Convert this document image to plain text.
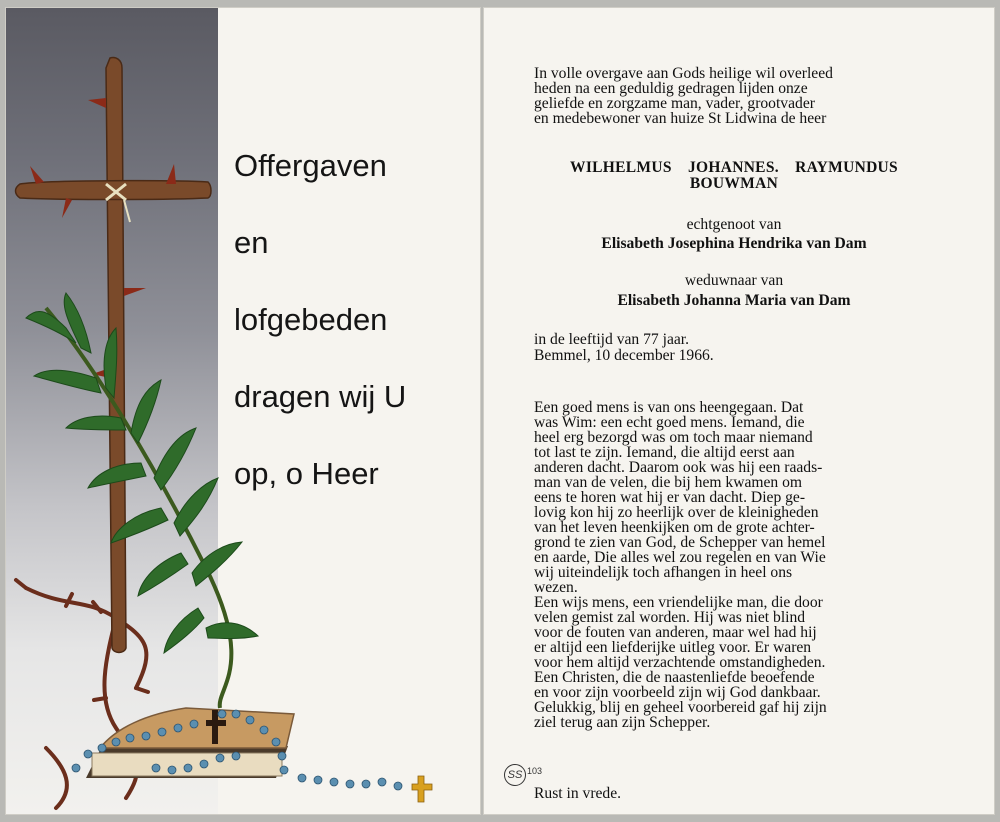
Offergaven
en
lofgebeden
dragen wij U
op, o Heer
In volle overgave aan Gods heilige wil overleed
heden na een geduldig gedragen lijden onze
geliefde en zorgzame man, vader, grootvader
en medebewoner van huize St Lidwina de heer
WILHELMUS JOHANNES. RAYMUNDUS
BOUWMAN
echtgenoot van
Elisabeth Josephina Hendrika van Dam
weduwnaar van
Elisabeth Johanna Maria van Dam
in de leeftijd van 77 jaar.
Bemmel, 10 december 1966.
Een goed mens is van ons heengegaan. Dat
was Wim: een echt goed mens. Iemand, die
heel erg bezorgd was om toch maar niemand
tot last te zijn. Iemand, die altijd eerst aan
anderen dacht. Daarom ook was hij een raads-
man van de velen, die bij hem kwamen om
eens te horen wat hij er van dacht. Diep ge-
lovig kon hij zo heerlijk over de kleinigheden
van het leven heenkijken om de grote achter-
grond te zien van God, de Schepper van hemel
en aarde, Die alles wel zou regelen en van Wie
wij uiteindelijk toch afhangen in heel ons
wezen.
Een wijs mens, een vriendelijke man, die door
velen gemist zal worden. Hij was niet blind
voor de fouten van anderen, maar wel had hij
er altijd een liefderijke uitleg voor. Er waren
voor hem altijd verzachtende omstandigheden.
Een Christen, die de naastenliefde beoefende
en voor zijn voorbeeld zijn wij God dankbaar.
Gelukkig, blij en geheel voorbereid gaf hij zijn
ziel terug aan zijn Schepper.
Rust in vrede.
SS 103
